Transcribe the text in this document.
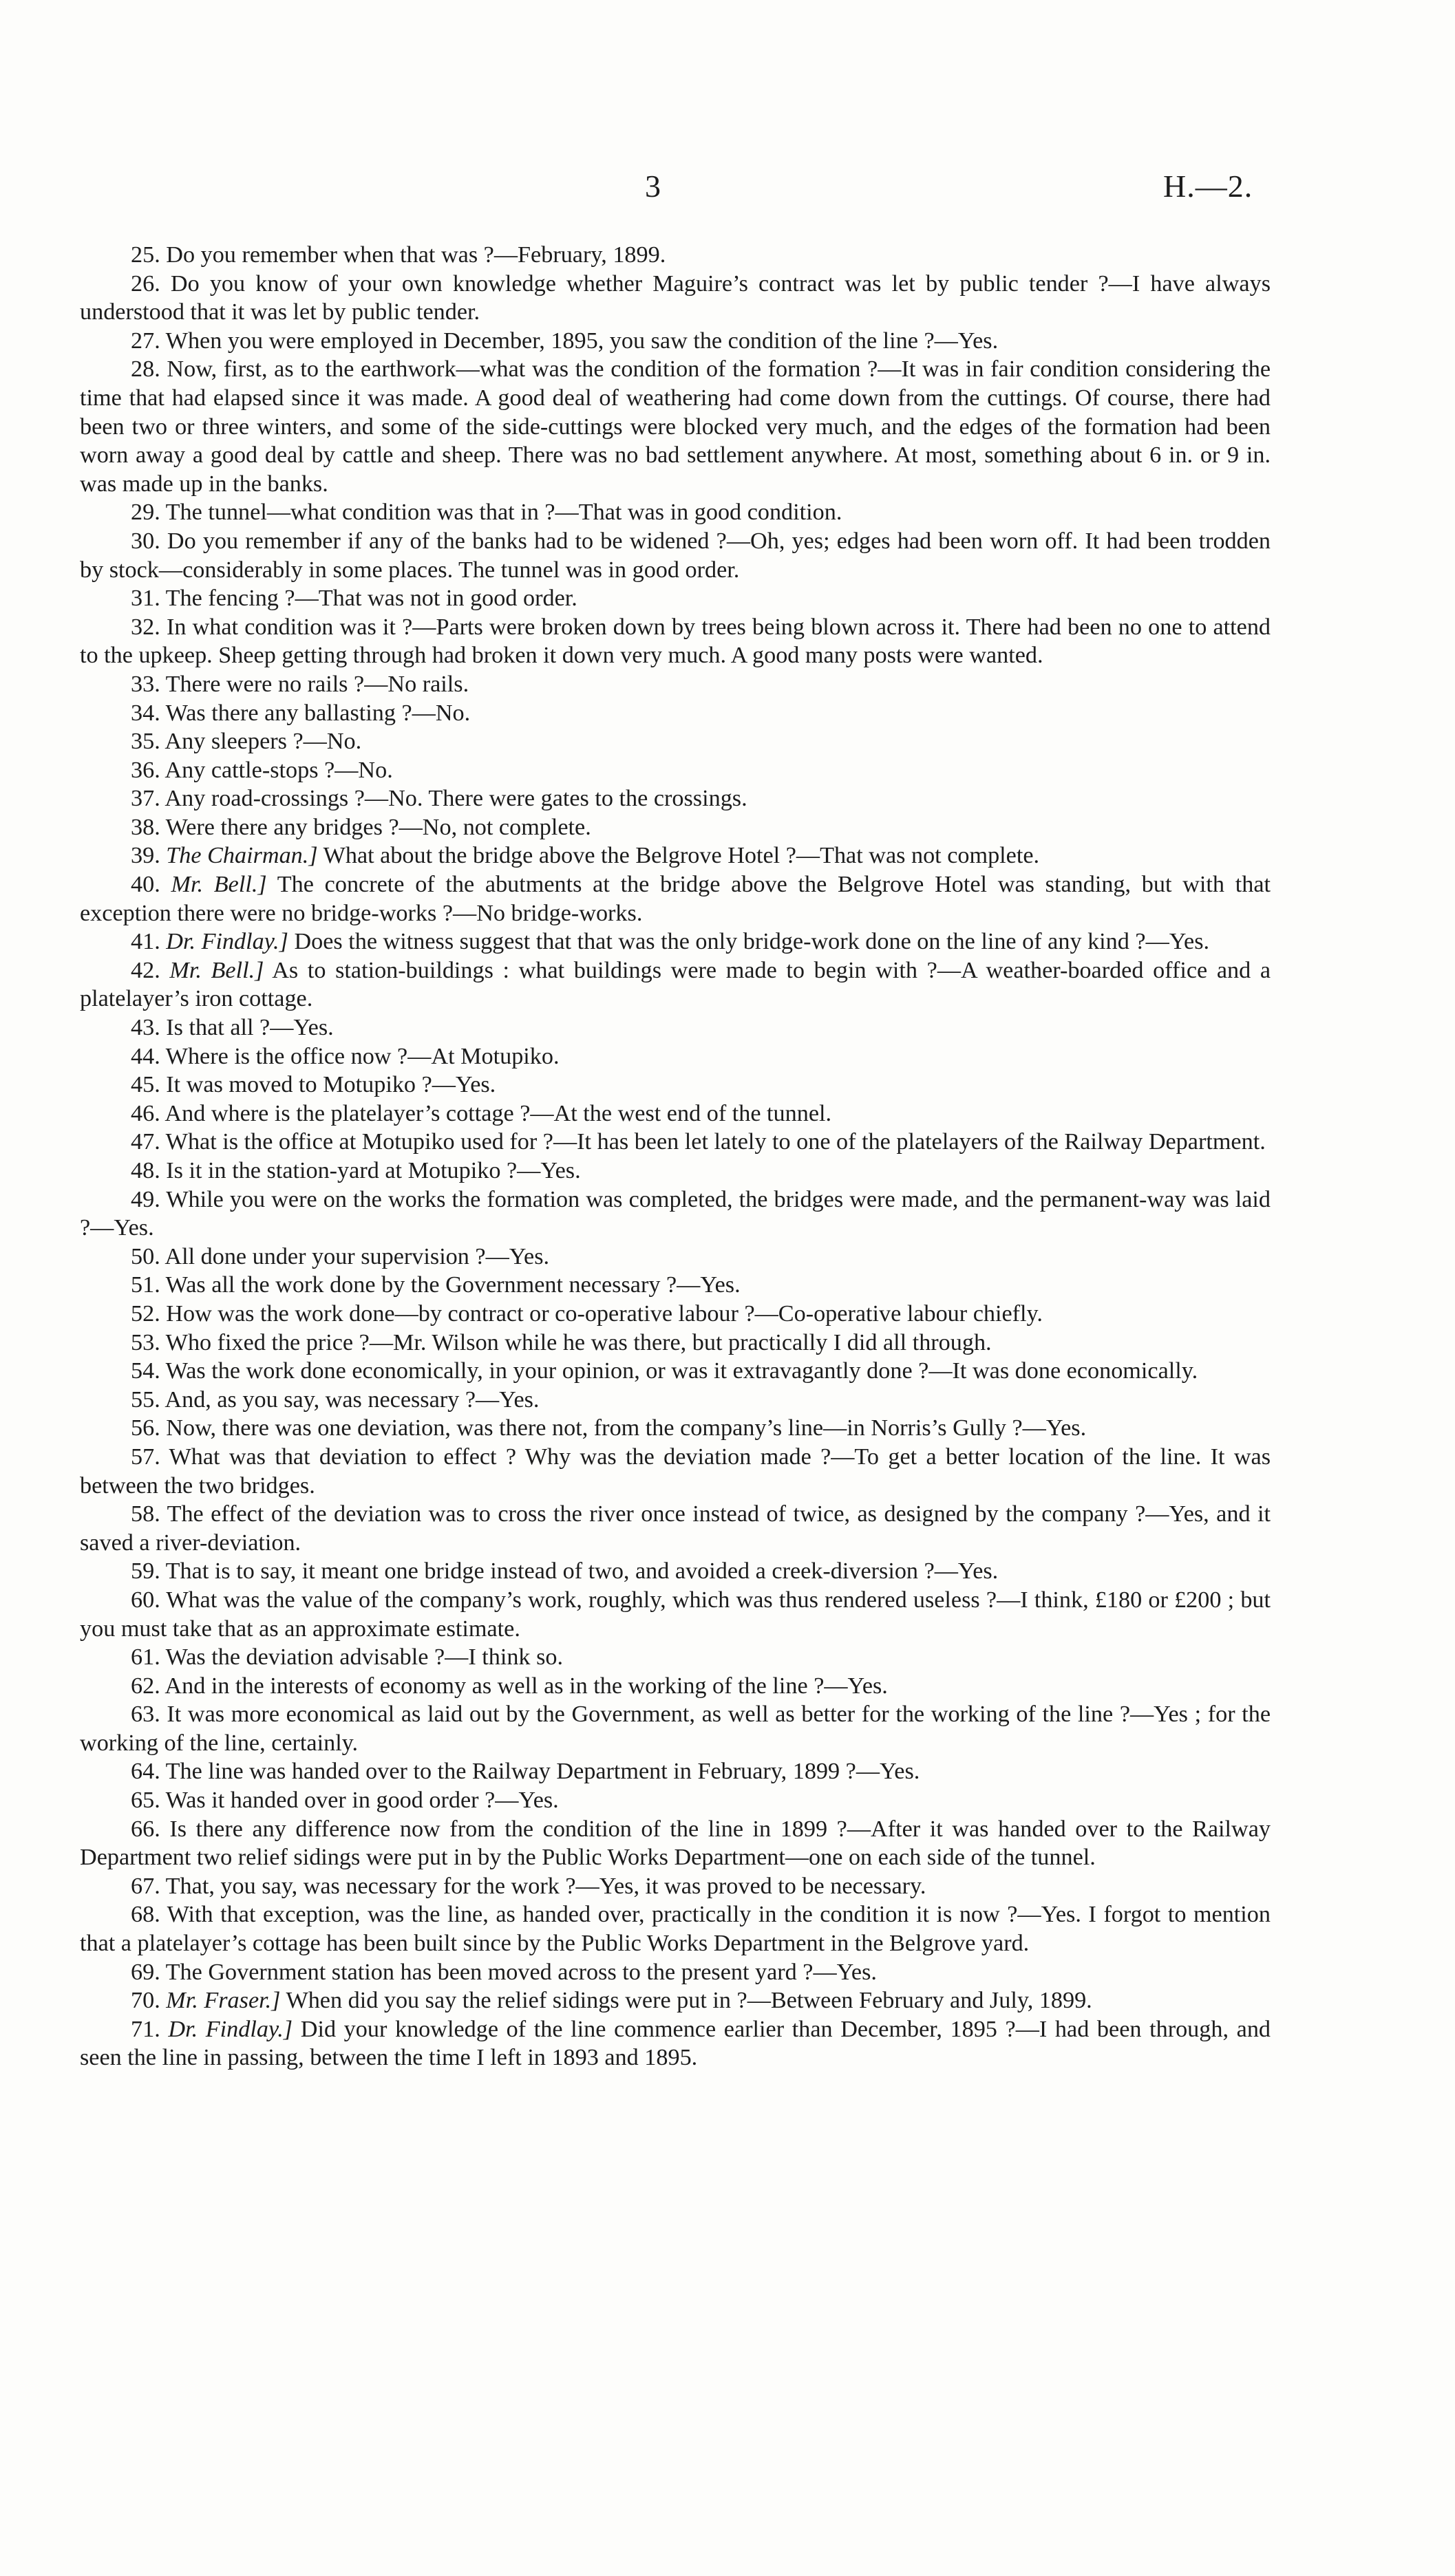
3	H.—2.

25. Do you remember when that was ?—February, 1899.

26. Do you know of your own knowledge whether Maguire’s contract was let by public tender ?—I have always understood that it was let by public tender.

27. When you were employed in December, 1895, you saw the condition of the line ?—Yes.

28. Now, first, as to the earthwork—what was the condition of the formation ?—It was in fair condition considering the time that had elapsed since it was made. A good deal of weathering had come down from the cuttings. Of course, there had been two or three winters, and some of the side-cuttings were blocked very much, and the edges of the formation had been worn away a good deal by cattle and sheep. There was no bad settlement anywhere. At most, something about 6 in. or 9 in. was made up in the banks.

29. The tunnel—what condition was that in ?—That was in good condition.

30. Do you remember if any of the banks had to be widened ?—Oh, yes; edges had been worn off. It had been trodden by stock—considerably in some places. The tunnel was in good order.

31. The fencing ?—That was not in good order.

32. In what condition was it ?—Parts were broken down by trees being blown across it. There had been no one to attend to the upkeep. Sheep getting through had broken it down very much. A good many posts were wanted.

33. There were no rails ?—No rails.

34. Was there any ballasting ?—No.

35. Any sleepers ?—No.

36. Any cattle-stops ?—No.

37. Any road-crossings ?—No. There were gates to the crossings.

38. Were there any bridges ?—No, not complete.

39. The Chairman.] What about the bridge above the Belgrove Hotel ?—That was not complete.

40. Mr. Bell.] The concrete of the abutments at the bridge above the Belgrove Hotel was standing, but with that exception there were no bridge-works ?—No bridge-works.

41. Dr. Findlay.] Does the witness suggest that that was the only bridge-work done on the line of any kind ?—Yes.

42. Mr. Bell.] As to station-buildings : what buildings were made to begin with ?—A weather-boarded office and a platelayer’s iron cottage.

43. Is that all ?—Yes.

44. Where is the office now ?—At Motupiko.

45. It was moved to Motupiko ?—Yes.

46. And where is the platelayer’s cottage ?—At the west end of the tunnel.

47. What is the office at Motupiko used for ?—It has been let lately to one of the platelayers of the Railway Department.

48. Is it in the station-yard at Motupiko ?—Yes.

49. While you were on the works the formation was completed, the bridges were made, and the permanent-way was laid ?—Yes.

50. All done under your supervision ?—Yes.

51. Was all the work done by the Government necessary ?—Yes.

52. How was the work done—by contract or co-operative labour ?—Co-operative labour chiefly.

53. Who fixed the price ?—Mr. Wilson while he was there, but practically I did all through.

54. Was the work done economically, in your opinion, or was it extravagantly done ?—It was done economically.

55. And, as you say, was necessary ?—Yes.

56. Now, there was one deviation, was there not, from the company’s line—in Norris’s Gully ?—Yes.

57. What was that deviation to effect ? Why was the deviation made ?—To get a better location of the line. It was between the two bridges.

58. The effect of the deviation was to cross the river once instead of twice, as designed by the company ?—Yes, and it saved a river-deviation.

59. That is to say, it meant one bridge instead of two, and avoided a creek-diversion ?—Yes.

60. What was the value of the company’s work, roughly, which was thus rendered useless ?—I think, £180 or £200 ; but you must take that as an approximate estimate.

61. Was the deviation advisable ?—I think so.

62. And in the interests of economy as well as in the working of the line ?—Yes.

63. It was more economical as laid out by the Government, as well as better for the working of the line ?—Yes ; for the working of the line, certainly.

64. The line was handed over to the Railway Department in February, 1899 ?—Yes.

65. Was it handed over in good order ?—Yes.

66. Is there any difference now from the condition of the line in 1899 ?—After it was handed over to the Railway Department two relief sidings were put in by the Public Works Department—one on each side of the tunnel.

67. That, you say, was necessary for the work ?—Yes, it was proved to be necessary.

68. With that exception, was the line, as handed over, practically in the condition it is now ?—Yes. I forgot to mention that a platelayer’s cottage has been built since by the Public Works Department in the Belgrove yard.

69. The Government station has been moved across to the present yard ?—Yes.

70. Mr. Fraser.] When did you say the relief sidings were put in ?—Between February and July, 1899.

71. Dr. Findlay.] Did your knowledge of the line commence earlier than December, 1895 ?—I had been through, and seen the line in passing, between the time I left in 1893 and 1895.
